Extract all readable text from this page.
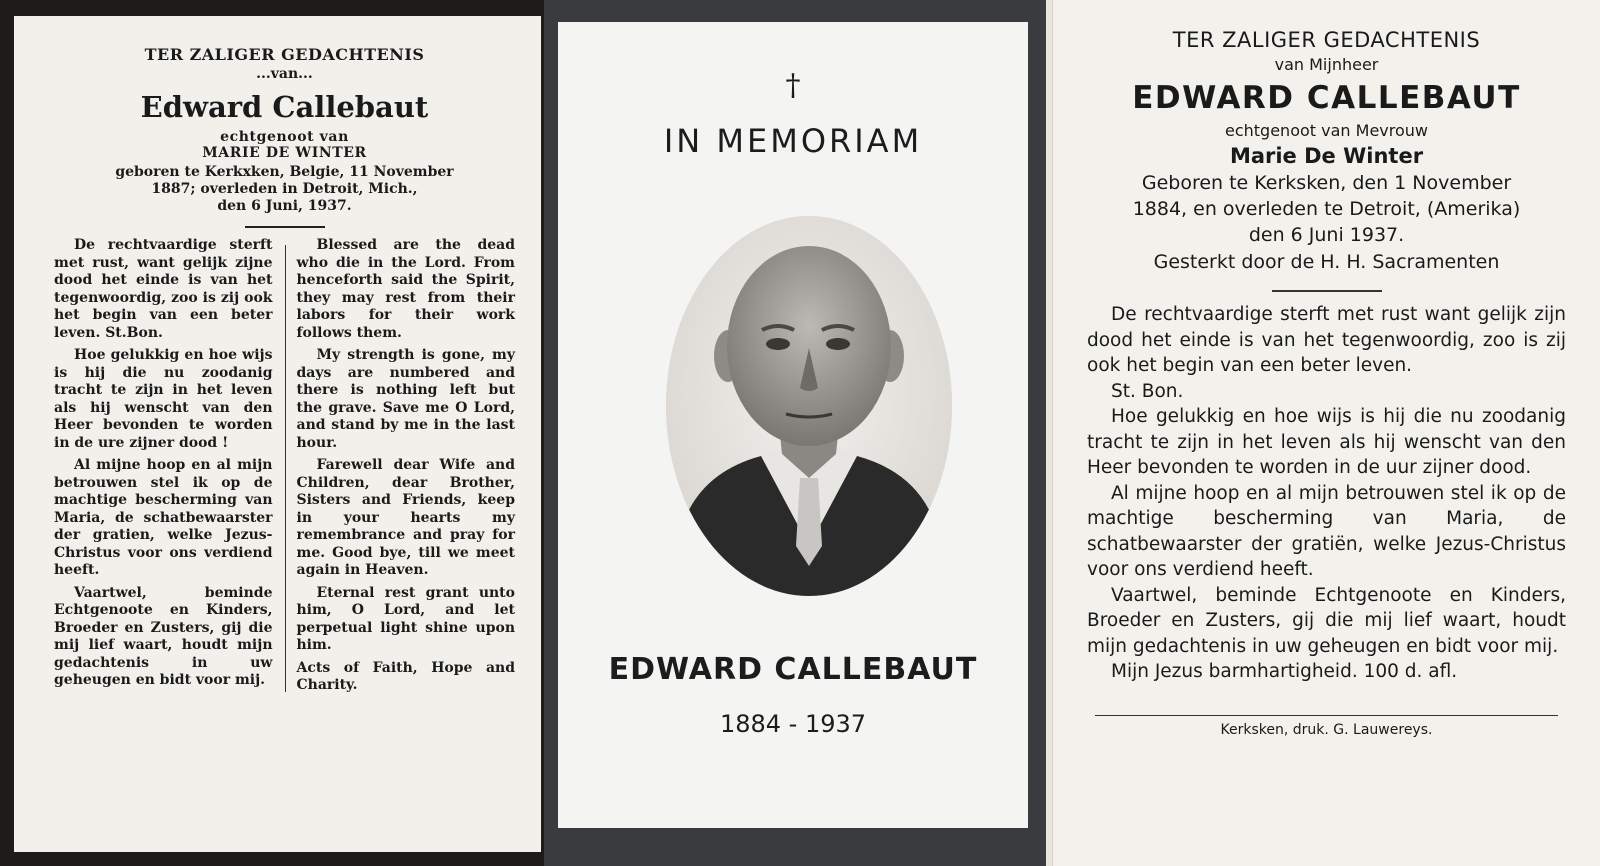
TER ZALIGER GEDACHTENIS
...van...
Edward Callebaut
echtgenoot van
MARIE DE WINTER
geboren te Kerkxken, Belgie, 11 November
1887; overleden in Detroit, Mich.,
den 6 Juni, 1937.

De rechtvaardige sterft met rust, want gelijk zijne dood het einde is van het tegenwoordig, zoo is zij ook het begin van een beter leven. St.Bon.

Hoe gelukkig en hoe wijs is hij die nu zoodanig tracht te zijn in het leven als hij wenscht van den Heer bevonden te worden in de ure zijner dood !

Al mijne hoop en al mijn betrouwen stel ik op de machtige bescherming van Maria, de schatbewaarster der gratien, welke Jezus-Christus voor ons verdiend heeft.

Vaartwel, beminde Echtgenoote en Kinders, Broeder en Zusters, gij die mij lief waart, houdt mijn gedachtenis in uw geheugen en bidt voor mij.

Blessed are the dead who die in the Lord. From henceforth said the Spirit, they may rest from their labors for their work follows them.

My strength is gone, my days are numbered and there is nothing left but the grave. Save me O Lord, and stand by me in the last hour.

Farewell dear Wife and Children, dear Brother, Sisters and Friends, keep in your hearts my remembrance and pray for me. Good bye, till we meet again in Heaven.

Eternal rest grant unto him, O Lord, and let perpetual light shine upon him.

Acts of Faith, Hope and Charity.

†
IN MEMORIAM
EDWARD CALLEBAUT
1884 - 1937
TER ZALIGER GEDACHTENIS
van Mijnheer
EDWARD CALLEBAUT
echtgenoot van Mevrouw
Marie De Winter
Geboren te Kerksken, den 1 November
1884, en overleden te Detroit, (Amerika)
den 6 Juni 1937.
Gesterkt door de H. H. Sacramenten

De rechtvaardige sterft met rust want gelijk zijn dood het einde is van het tegenwoordig, zoo is zij ook het begin van een beter leven.

St. Bon.

Hoe gelukkig en hoe wijs is hij die nu zoodanig tracht te zijn in het leven als hij wenscht van den Heer bevonden te worden in de uur zijner dood.

Al mijne hoop en al mijn betrouwen stel ik op de machtige bescherming van Maria, de schatbewaarster der gratiën, welke Jezus-Christus voor ons verdiend heeft.

Vaartwel, beminde Echtgenoote en Kinders, Broeder en Zusters, gij die mij lief waart, houdt mijn gedachtenis in uw geheugen en bidt voor mij.

Mijn Jezus barmhartigheid. 100 d. afl.

Kerksken, druk. G. Lauwereys.
